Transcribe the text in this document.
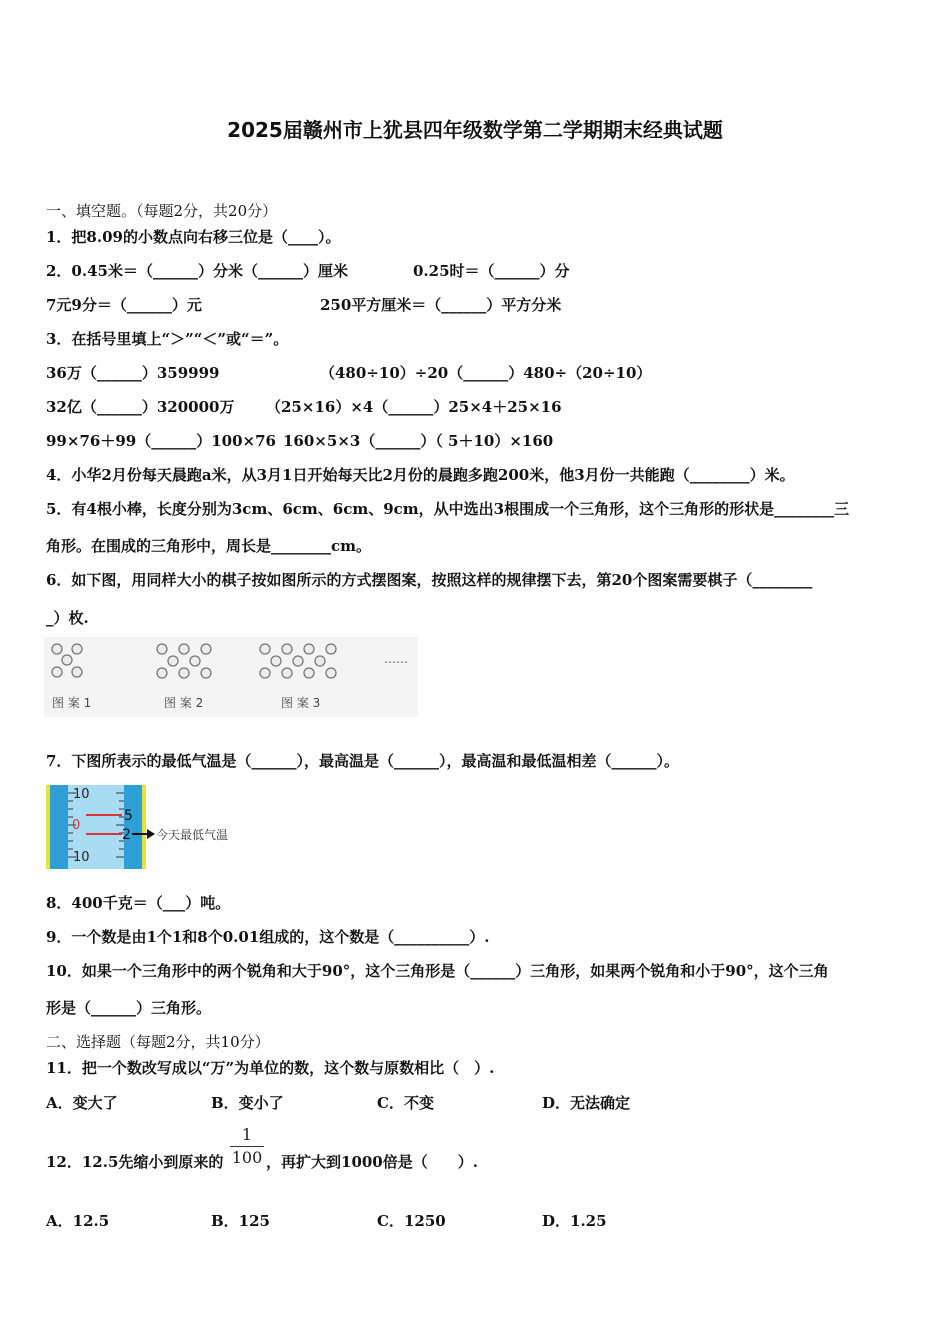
2025届赣州市上犹县四年级数学第二学期期末经典试题
一、填空题。（每题2分，共20分）
1．把8.09的小数点向右移三位是（____）。
2．0.45米＝（______）分米（______）厘米	0.25时＝（______）分
7元9分＝（______）元	250平方厘米＝（______）平方分米
3．在括号里填上“＞”“＜”或“＝”。
36万（______）359999	（480÷10）÷20（______）480÷（20÷10）
32亿（______）320000万 （25×16）×4（______）25×4＋25×16
99×76＋99（______）100×76 160×5×3（______）（ 5＋10）×160
4．小华2月份每天晨跑a米，从3月1日开始每天比2月份的晨跑多跑200米，他3月份一共能跑（________）米。
5．有4根小棒，长度分别为3cm、6cm、6cm、9cm，从中选出3根围成一个三角形，这个三角形的形状是________三
角形。在围成的三角形中，周长是________cm。
6．如下图，用同样大小的棋子按如图所示的方式摆图案，按照这样的规律摆下去，第20个图案需要棋子（________
_）枚.
……
图 案 1	图 案 2	图 案 3
7．下图所表示的最低气温是（______），最高温是（______），最高温和最低温相差（______）。
10
0
10
5
2 今天最低气温
8．400千克＝（___）吨。
9．一个数是由1个1和8个0.01组成的，这个数是（__________）.
10．如果一个三角形中的两个锐角和大于90°，这个三角形是（______）三角形，如果两个锐角和小于90°，这个三角
形是（______）三角形。
二、选择题（每题2分，共10分）
11．把一个数改写成以“万”为单位的数，这个数与原数相比（　）.
A．变大了	B．变小了	C．不变	D．无法确定
12．12.5先缩小到原来的
1
100 ，再扩大到1000倍是（　　）.
A．12.5	B．125	C．1250	D．1.25
